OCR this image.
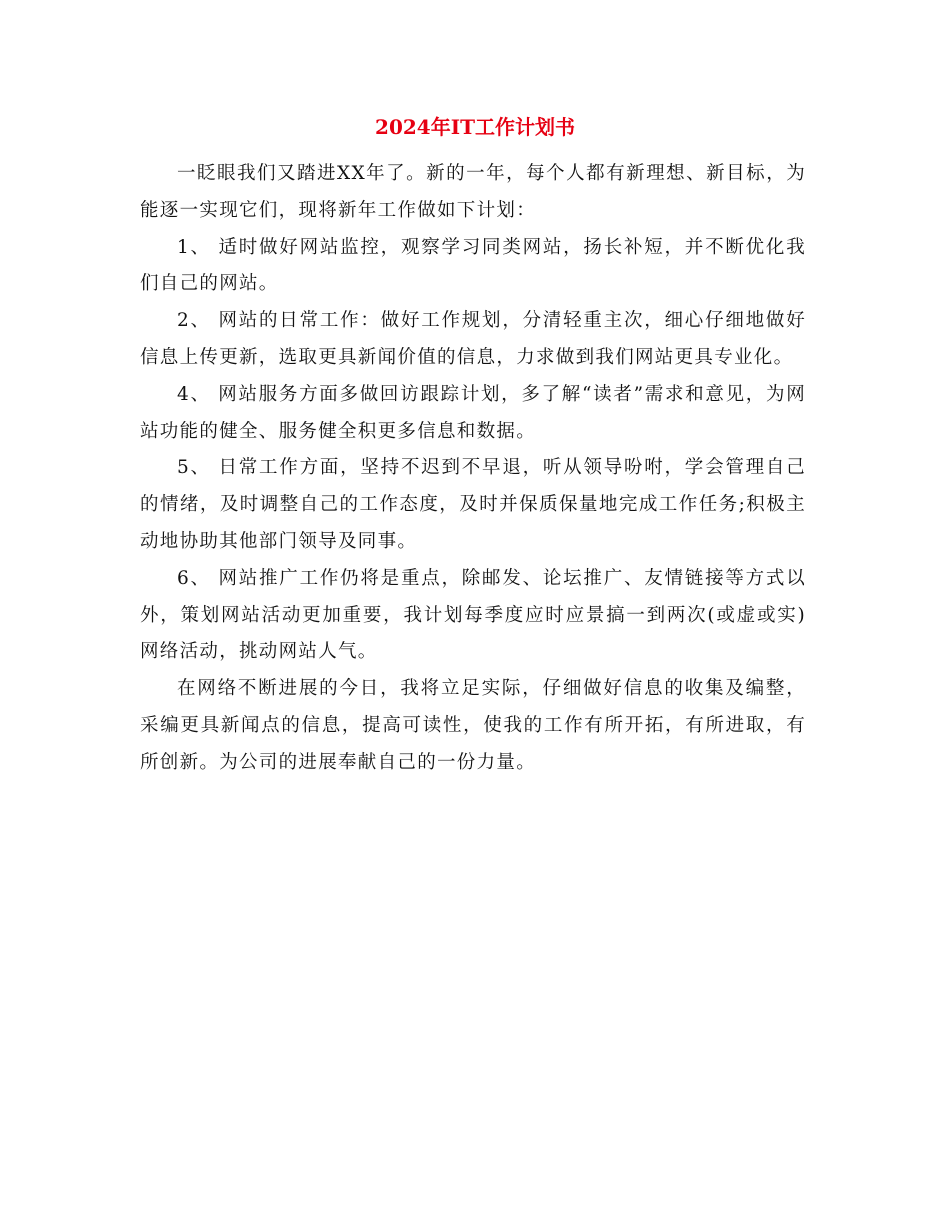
2024年IT工作计划书

一眨眼我们又踏进XX年了。新的一年，每个人都有新理想、新目标，为能逐一实现它们，现将新年工作做如下计划：

1、 适时做好网站监控，观察学习同类网站，扬长补短，并不断优化我们自己的网站。

2、 网站的日常工作：做好工作规划，分清轻重主次，细心仔细地做好信息上传更新，选取更具新闻价值的信息，力求做到我们网站更具专业化。

4、 网站服务方面多做回访跟踪计划，多了解“读者”需求和意见，为网站功能的健全、服务健全积更多信息和数据。

5、 日常工作方面，坚持不迟到不早退，听从领导吩咐，学会管理自己的情绪，及时调整自己的工作态度，及时并保质保量地完成工作任务;积极主动地协助其他部门领导及同事。

6、 网站推广工作仍将是重点，除邮发、论坛推广、友情链接等方式以外，策划网站活动更加重要，我计划每季度应时应景搞一到两次(或虚或实)网络活动，挑动网站人气。

在网络不断进展的今日，我将立足实际，仔细做好信息的收集及编整，采编更具新闻点的信息，提高可读性，使我的工作有所开拓，有所进取，有所创新。为公司的进展奉献自己的一份力量。
